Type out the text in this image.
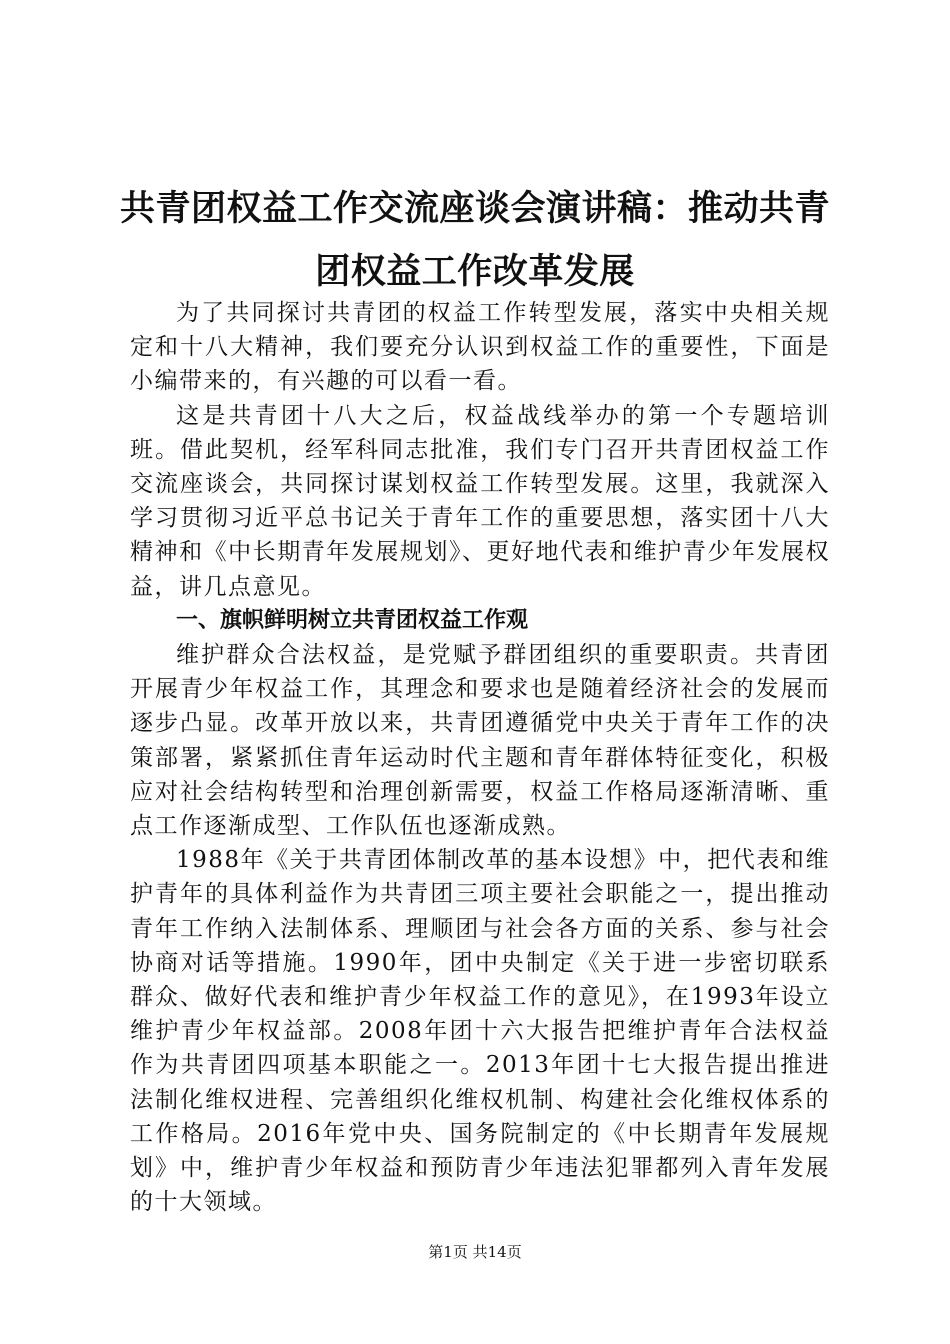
共青团权益工作交流座谈会演讲稿：推动共青团权益工作改革发展

为了共同探讨共青团的权益工作转型发展，落实中央相关规定和十八大精神，我们要充分认识到权益工作的重要性，下面是小编带来的，有兴趣的可以看一看。

这是共青团十八大之后，权益战线举办的第一个专题培训班。借此契机，经军科同志批准，我们专门召开共青团权益工作交流座谈会，共同探讨谋划权益工作转型发展。这里，我就深入学习贯彻习近平总书记关于青年工作的重要思想，落实团十八大精神和《中长期青年发展规划》、更好地代表和维护青少年发展权益，讲几点意见。

一、旗帜鲜明树立共青团权益工作观

维护群众合法权益，是党赋予群团组织的重要职责。共青团开展青少年权益工作，其理念和要求也是随着经济社会的发展而逐步凸显。改革开放以来，共青团遵循党中央关于青年工作的决策部署，紧紧抓住青年运动时代主题和青年群体特征变化，积极应对社会结构转型和治理创新需要，权益工作格局逐渐清晰、重点工作逐渐成型、工作队伍也逐渐成熟。

1988年《关于共青团体制改革的基本设想》中，把代表和维护青年的具体利益作为共青团三项主要社会职能之一，提出推动青年工作纳入法制体系、理顺团与社会各方面的关系、参与社会协商对话等措施。1990年，团中央制定《关于进一步密切联系群众、做好代表和维护青少年权益工作的意见》，在1993年设立维护青少年权益部。2008年团十六大报告把维护青年合法权益作为共青团四项基本职能之一。2013年团十七大报告提出推进法制化维权进程、完善组织化维权机制、构建社会化维权体系的工作格局。2016年党中央、国务院制定的《中长期青年发展规划》中，维护青少年权益和预防青少年违法犯罪都列入青年发展的十大领域。

第1页 共14页
